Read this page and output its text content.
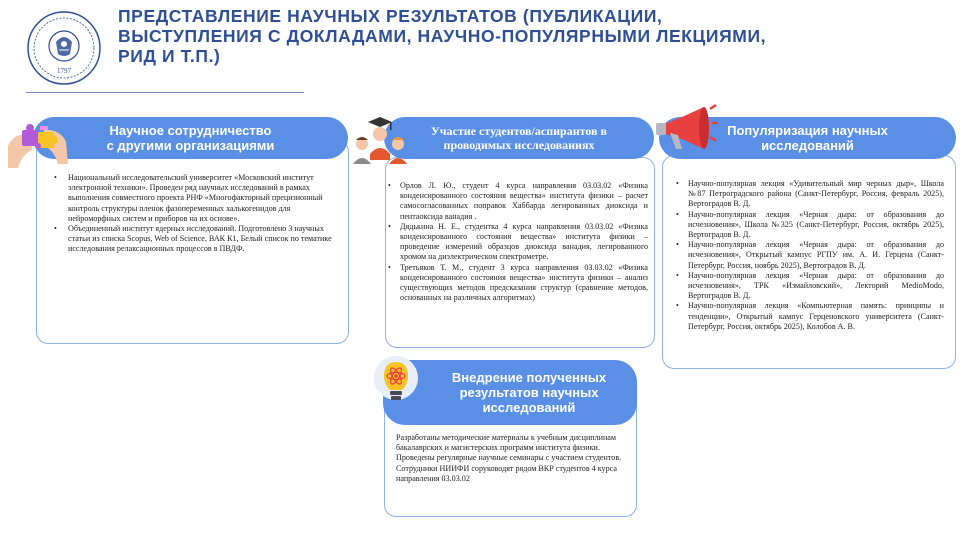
1797
ПРЕДСТАВЛЕНИЕ НАУЧНЫХ РЕЗУЛЬТАТОВ (ПУБЛИКАЦИИ,
ВЫСТУПЛЕНИЯ С ДОКЛАДАМИ, НАУЧНО-ПОПУЛЯРНЫМИ ЛЕКЦИЯМИ,
РИД И Т.П.)
Научное сотрудничество
с другими организациями
• Национальный исследовательский университет «Московский институт электронной техники». Проведен ряд научных исследований в рамках выполнения совместного проекта РНФ «Многофакторный прецизионный контроль структуры пленок фазопеременных халькогенидов для нейроморфных систем и приборов на их основе».
• Объединенный институт ядерных исследований. Подготовлено 3 научных статьи из списка Scopus, Web of Science, ВАК К1, Белый список по тематике исследования релаксационных процессов в ПВДФ.
Участие студентов/аспирантов в
проводимых исследованиях
• Орлов Л. Ю., студент 4 курса направления 03.03.02 «Физика конденсированного состояния вещества» института физики – расчет самосогласованных поправок Хаббарда легированных диоксида и пентаоксида ванадия .
• Дядькина Н. Е., студентка 4 курса направления 03.03.02 «Физика конденсированного состояния вещества» института физики – проведение измерений образцов диоксида ванадия, легированного хромом на диэлектрическом спектрометре.
• Третьяков Т. М., студент 3 курса направления 03.03.02 «Физика конденсированного состояния вещества» института физики – анализ существующих методов предсказания структур (сравнение методов, основанных на различных алгоритмах)
Популяризация научных
исследований
• Научно-популярная лекция «Удивительный мир черных дыр», Школа №87 Петроградского района (Санкт-Петербург, Россия, февраль 2025), Вертоградов В. Д.
• Научно-популярная лекция «Черная дыра: от образования до исчезновения», Школа №325 (Санкт-Петербург, Россия, октябрь 2025), Вертоградов В. Д.
• Научно-популярная лекция «Черная дыра: от образования до исчезновения», Открытый кампус РГПУ им. А. И. Герцена (Санкт-Петербург, Россия, ноябрь 2025), Вертоградов В. Д.
• Научно-популярная лекция «Черная дыра: от образования до исчезновения», ТРК «Измайловский», Лекторий MedioModo, Вертоградов В. Д.
• Научно-популярная лекция «Компьютерная память: принципы и тенденции», Открытый кампус Герценовского университета (Санкт-Петербург, Россия, октябрь 2025), Колобов А. В.
Внедрение полученных
результатов научных
исследований
Разработаны методические материалы к учебным дисциплинам бакалаврских и магистерских программ института физики. Проведены регулярные научные семинары с участием студентов. Сотрудники НИИФИ соруководят рядом ВКР студентов 4 курса направления 03.03.02
